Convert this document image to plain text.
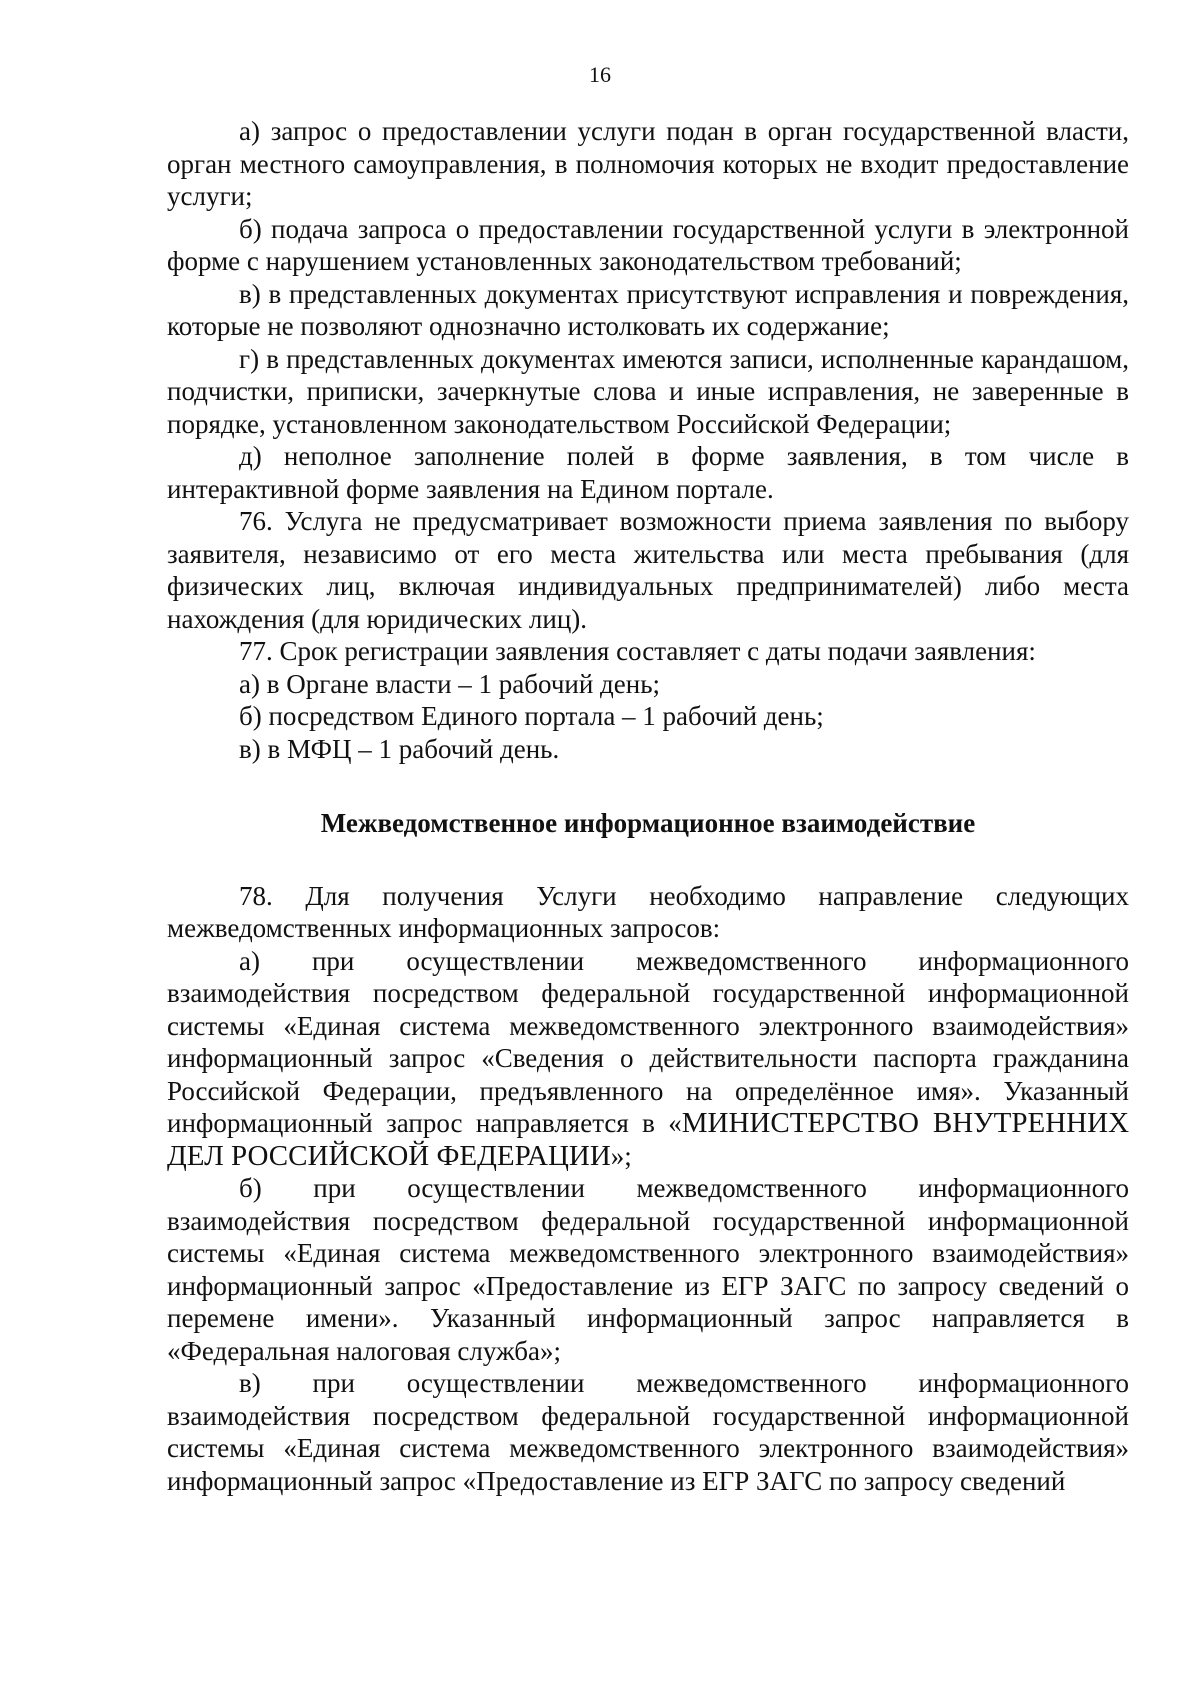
16

а) запрос о предоставлении услуги подан в орган государственной власти, орган местного самоуправления, в полномочия которых не входит предоставление услуги;

б) подача запроса о предоставлении государственной услуги в электронной форме с нарушением установленных законодательством требований;

в) в представленных документах присутствуют исправления и повреждения, которые не позволяют однозначно истолковать их содержание;

г) в представленных документах имеются записи, исполненные карандашом, подчистки, приписки, зачеркнутые слова и иные исправления, не заверенные в порядке, установленном законодательством Российской Федерации;

д) неполное заполнение полей в форме заявления, в том числе в интерактивной форме заявления на Едином портале.

76. Услуга не предусматривает возможности приема заявления по выбору заявителя, независимо от его места жительства или места пребывания (для физических лиц, включая индивидуальных предпринимателей) либо места нахождения (для юридических лиц).

77. Срок регистрации заявления составляет с даты подачи заявления:

а) в Органе власти – 1 рабочий день;

б) посредством Единого портала – 1 рабочий день;

в) в МФЦ – 1 рабочий день.

Межведомственное информационное взаимодействие

78. Для получения Услуги необходимо направление следующих межведомственных информационных запросов:

а) при осуществлении межведомственного информационного взаимодействия посредством федеральной государственной информационной системы «Единая система межведомственного электронного взаимодействия» информационный запрос «Сведения о действительности паспорта гражданина Российской Федерации, предъявленного на определённое имя». Указанный информационный запрос направляется в «МИНИСТЕРСТВО ВНУТРЕННИХ ДЕЛ РОССИЙСКОЙ ФЕДЕРАЦИИ»;

б) при осуществлении межведомственного информационного взаимодействия посредством федеральной государственной информационной системы «Единая система межведомственного электронного взаимодействия» информационный запрос «Предоставление из ЕГР ЗАГС по запросу сведений о перемене имени». Указанный информационный запрос направляется в «Федеральная налоговая служба»;

в) при осуществлении межведомственного информационного взаимодействия посредством федеральной государственной информационной системы «Единая система межведомственного электронного взаимодействия» информационный запрос «Предоставление из ЕГР ЗАГС по запросу сведений
